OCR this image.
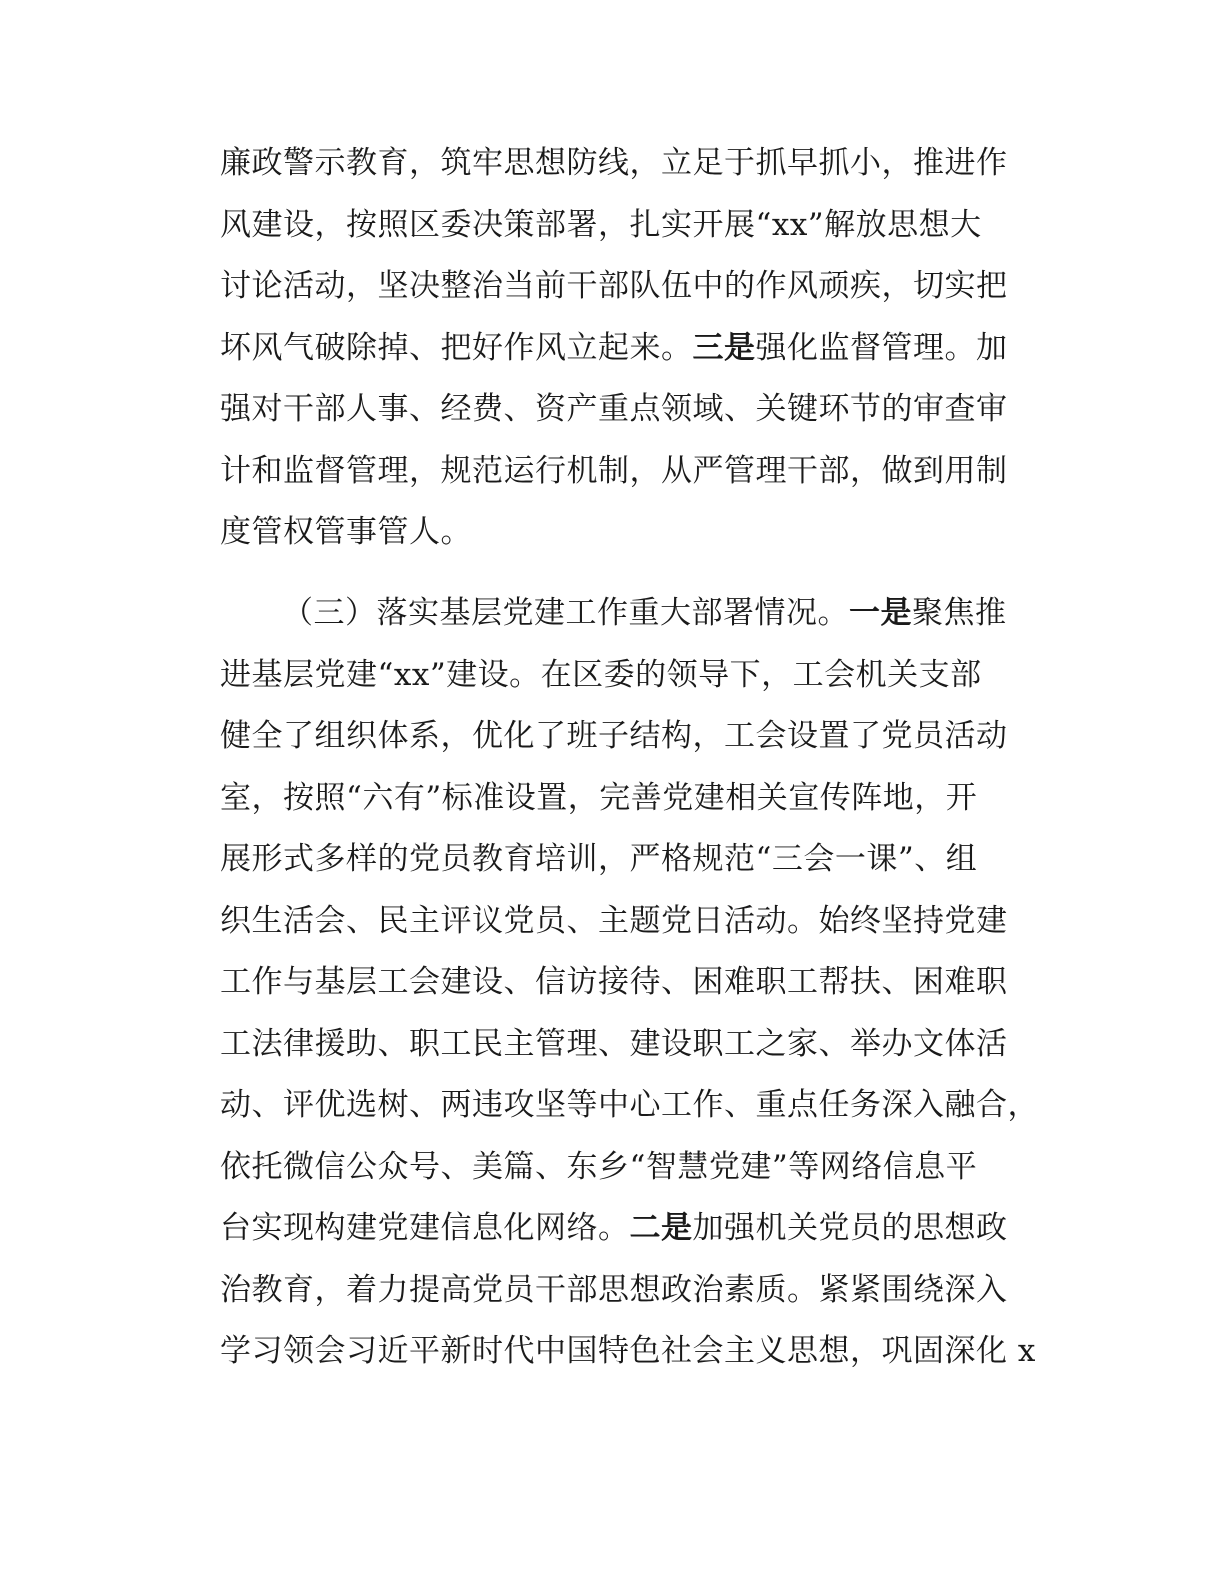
廉政警示教育，筑牢思想防线，立足于抓早抓小，推进作
风建设，按照区委决策部署，扎实开展“xx”解放思想大
讨论活动，坚决整治当前干部队伍中的作风顽疾，切实把
坏风气破除掉、把好作风立起来。三是强化监督管理。加
强对干部人事、经费、资产重点领域、关键环节的审查审
计和监督管理，规范运行机制，从严管理干部，做到用制
度管权管事管人。
（三）落实基层党建工作重大部署情况。一是聚焦推
进基层党建“xx”建设。在区委的领导下，工会机关支部
健全了组织体系，优化了班子结构，工会设置了党员活动
室，按照“六有”标准设置，完善党建相关宣传阵地，开
展形式多样的党员教育培训，严格规范“三会一课”、组
织生活会、民主评议党员、主题党日活动。始终坚持党建
工作与基层工会建设、信访接待、困难职工帮扶、困难职
工法律援助、职工民主管理、建设职工之家、举办文体活
动、评优选树、两违攻坚等中心工作、重点任务深入融合，
依托微信公众号、美篇、东乡“智慧党建”等网络信息平
台实现构建党建信息化网络。二是加强机关党员的思想政
治教育，着力提高党员干部思想政治素质。紧紧围绕深入
学习领会习近平新时代中国特色社会主义思想，巩固深化 x
